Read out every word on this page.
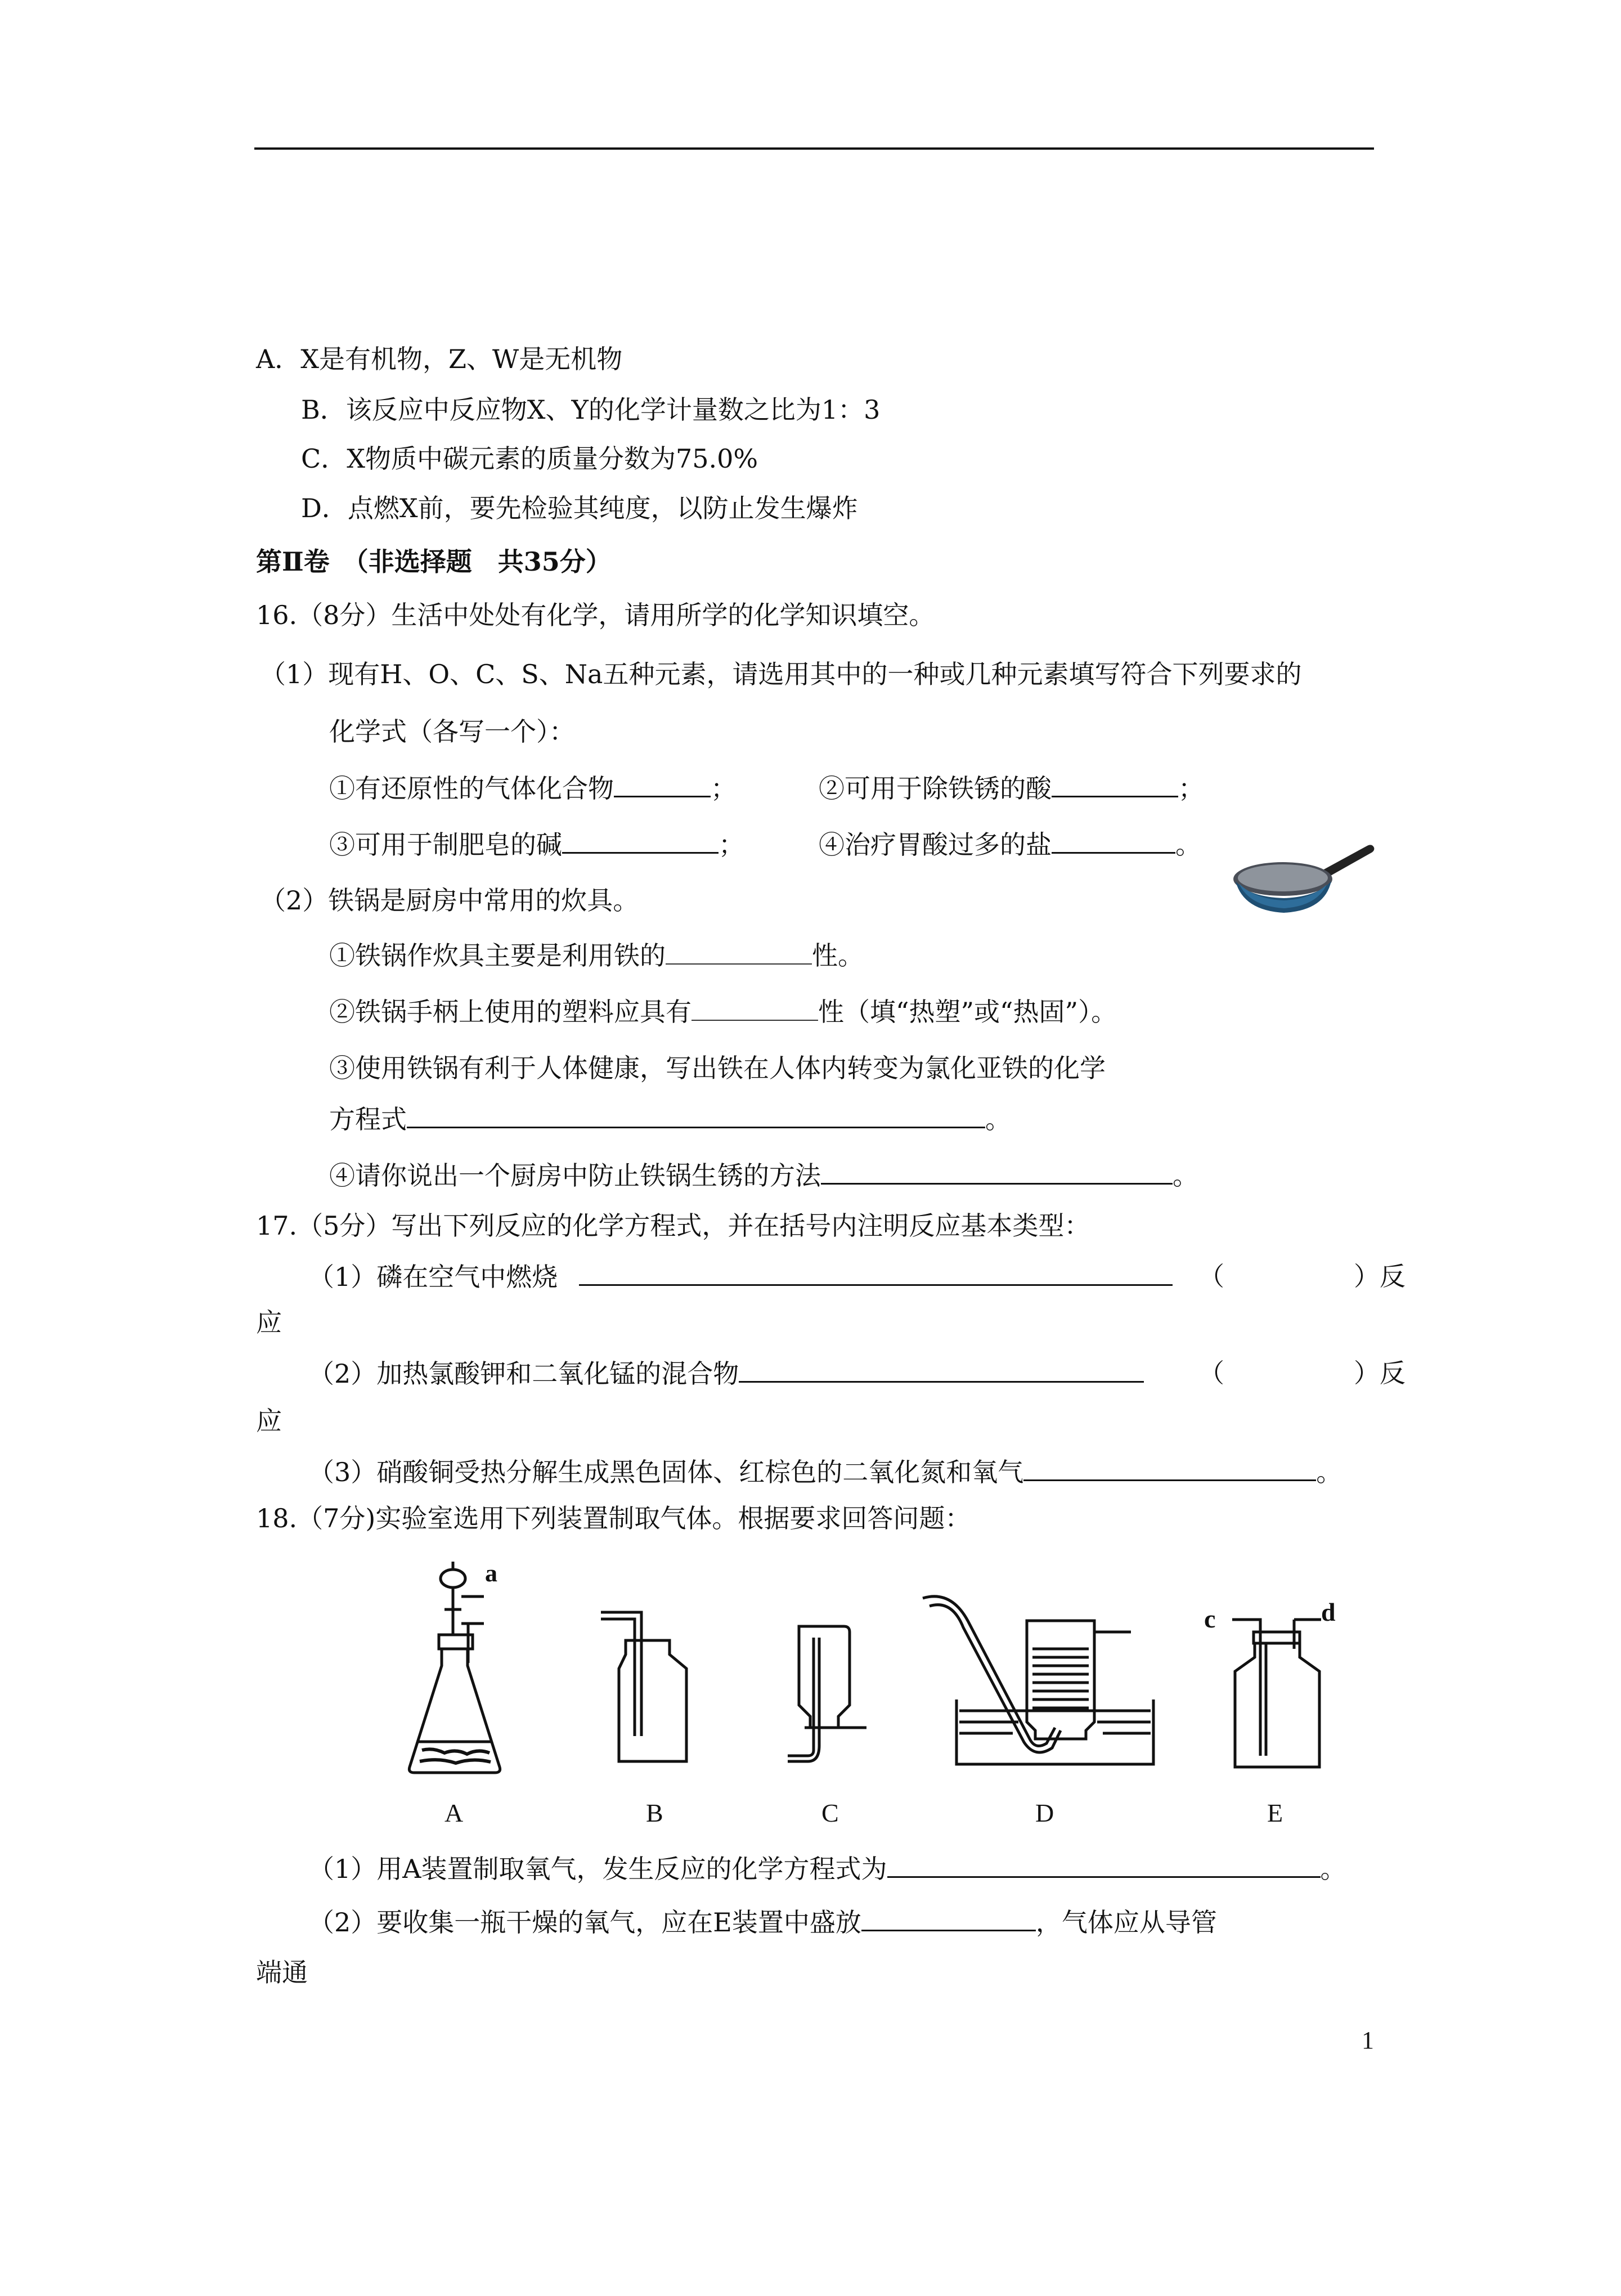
A．X是有机物，Z、W是无机物
B．该反应中反应物X、Y的化学计量数之比为1：3
C．X物质中碳元素的质量分数为75.0%
D．点燃X前，要先检验其纯度，以防止发生爆炸
第Ⅱ卷　（非选择题　共35分）
16.（8分）生活中处处有化学，请用所学的化学知识填空。
（1）现有H、O、C、S、Na五种元素，请选用其中的一种或几种元素填写符合下列要求的
化学式（各写一个）：
①有还原性的气体化合物	；	②可用于除铁锈的酸	；
③可用于制肥皂的碱	；	④治疗胃酸过多的盐	。
（2）铁锅是厨房中常用的炊具。
①铁锅作炊具主要是利用铁的	性。
②铁锅手柄上使用的塑料应具有	性（填“热塑”或“热固”）。
③使用铁锅有利于人体健康，写出铁在人体内转变为氯化亚铁的化学
方程式	。
④请你说出一个厨房中防止铁锅生锈的方法	。
17.（5分）写出下列反应的化学方程式，并在括号内注明反应基本类型：
（1）磷在空气中燃烧	（	）反
应
（2）加热氯酸钾和二氧化锰的混合物	（	）反
应
（3）硝酸铜受热分解生成黑色固体、红棕色的二氧化氮和氧气	。
18.（7分)实验室选用下列装置制取气体。根据要求回答问题：
a
c	d
A	B	C	D	E
（1）用A装置制取氧气，发生反应的化学方程式为	。
（2）要收集一瓶干燥的氧气，应在E装置中盛放	，气体应从导管
端通
1
